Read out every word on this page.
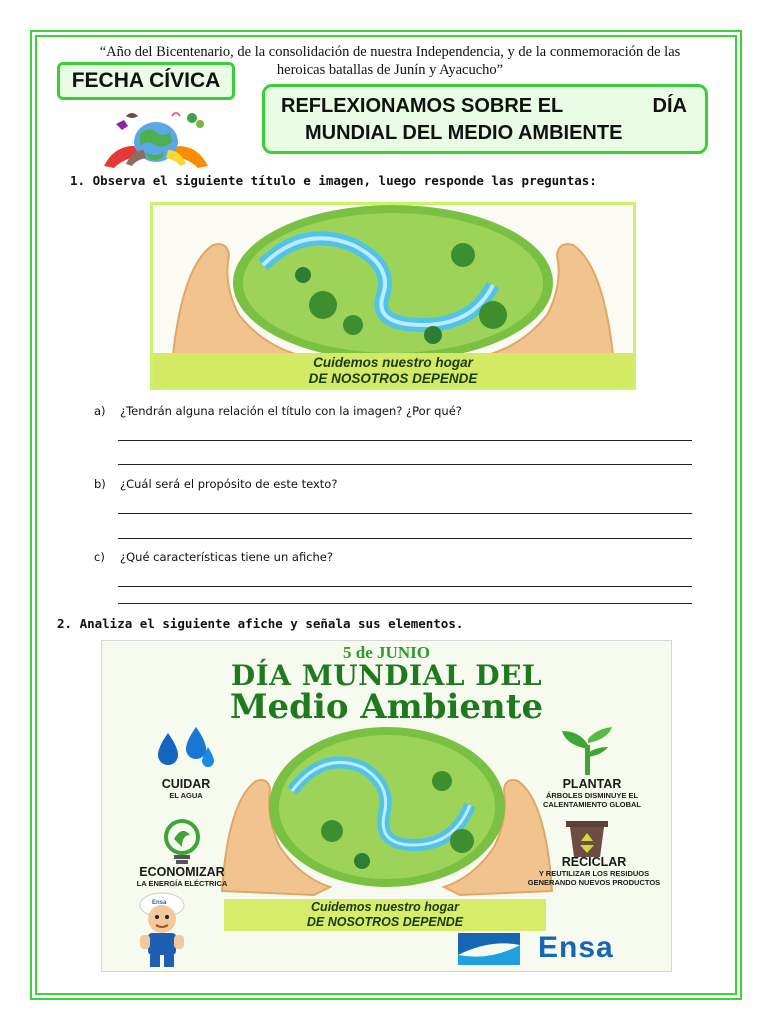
“Año del Bicentenario, de la consolidación de nuestra Independencia, y de la conmemoración de las
heroicas batallas de Junín y Ayacucho”
FECHA CÍVICA
REFLEXIONAMOS SOBRE EL	DÍA
MUNDIAL DEL MEDIO AMBIENTE
1. Observa el siguiente título e imagen, luego responde las preguntas:
Cuidemos nuestro hogar
DE NOSOTROS DEPENDE
a) ¿Tendrán alguna relación el título con la imagen? ¿Por qué?
b) ¿Cuál será el propósito de este texto?
c) ¿Qué características tiene un afiche?
2. Analiza el siguiente afiche y señala sus elementos.
5 de JUNIO
DÍA MUNDIAL DEL
Medio Ambiente
CUIDAR
EL AGUA
ECONOMIZAR
LA ENERGÍA ELÉCTRICA
PLANTAR
ÁRBOLES DISMINUYE EL
CALENTAMIENTO GLOBAL
RECICLAR
Y REUTILIZAR LOS RESIDUOS
GENERANDO NUEVOS PRODUCTOS
Cuidemos nuestro hogar
DE NOSOTROS DEPENDE
Ensa
Ensa
